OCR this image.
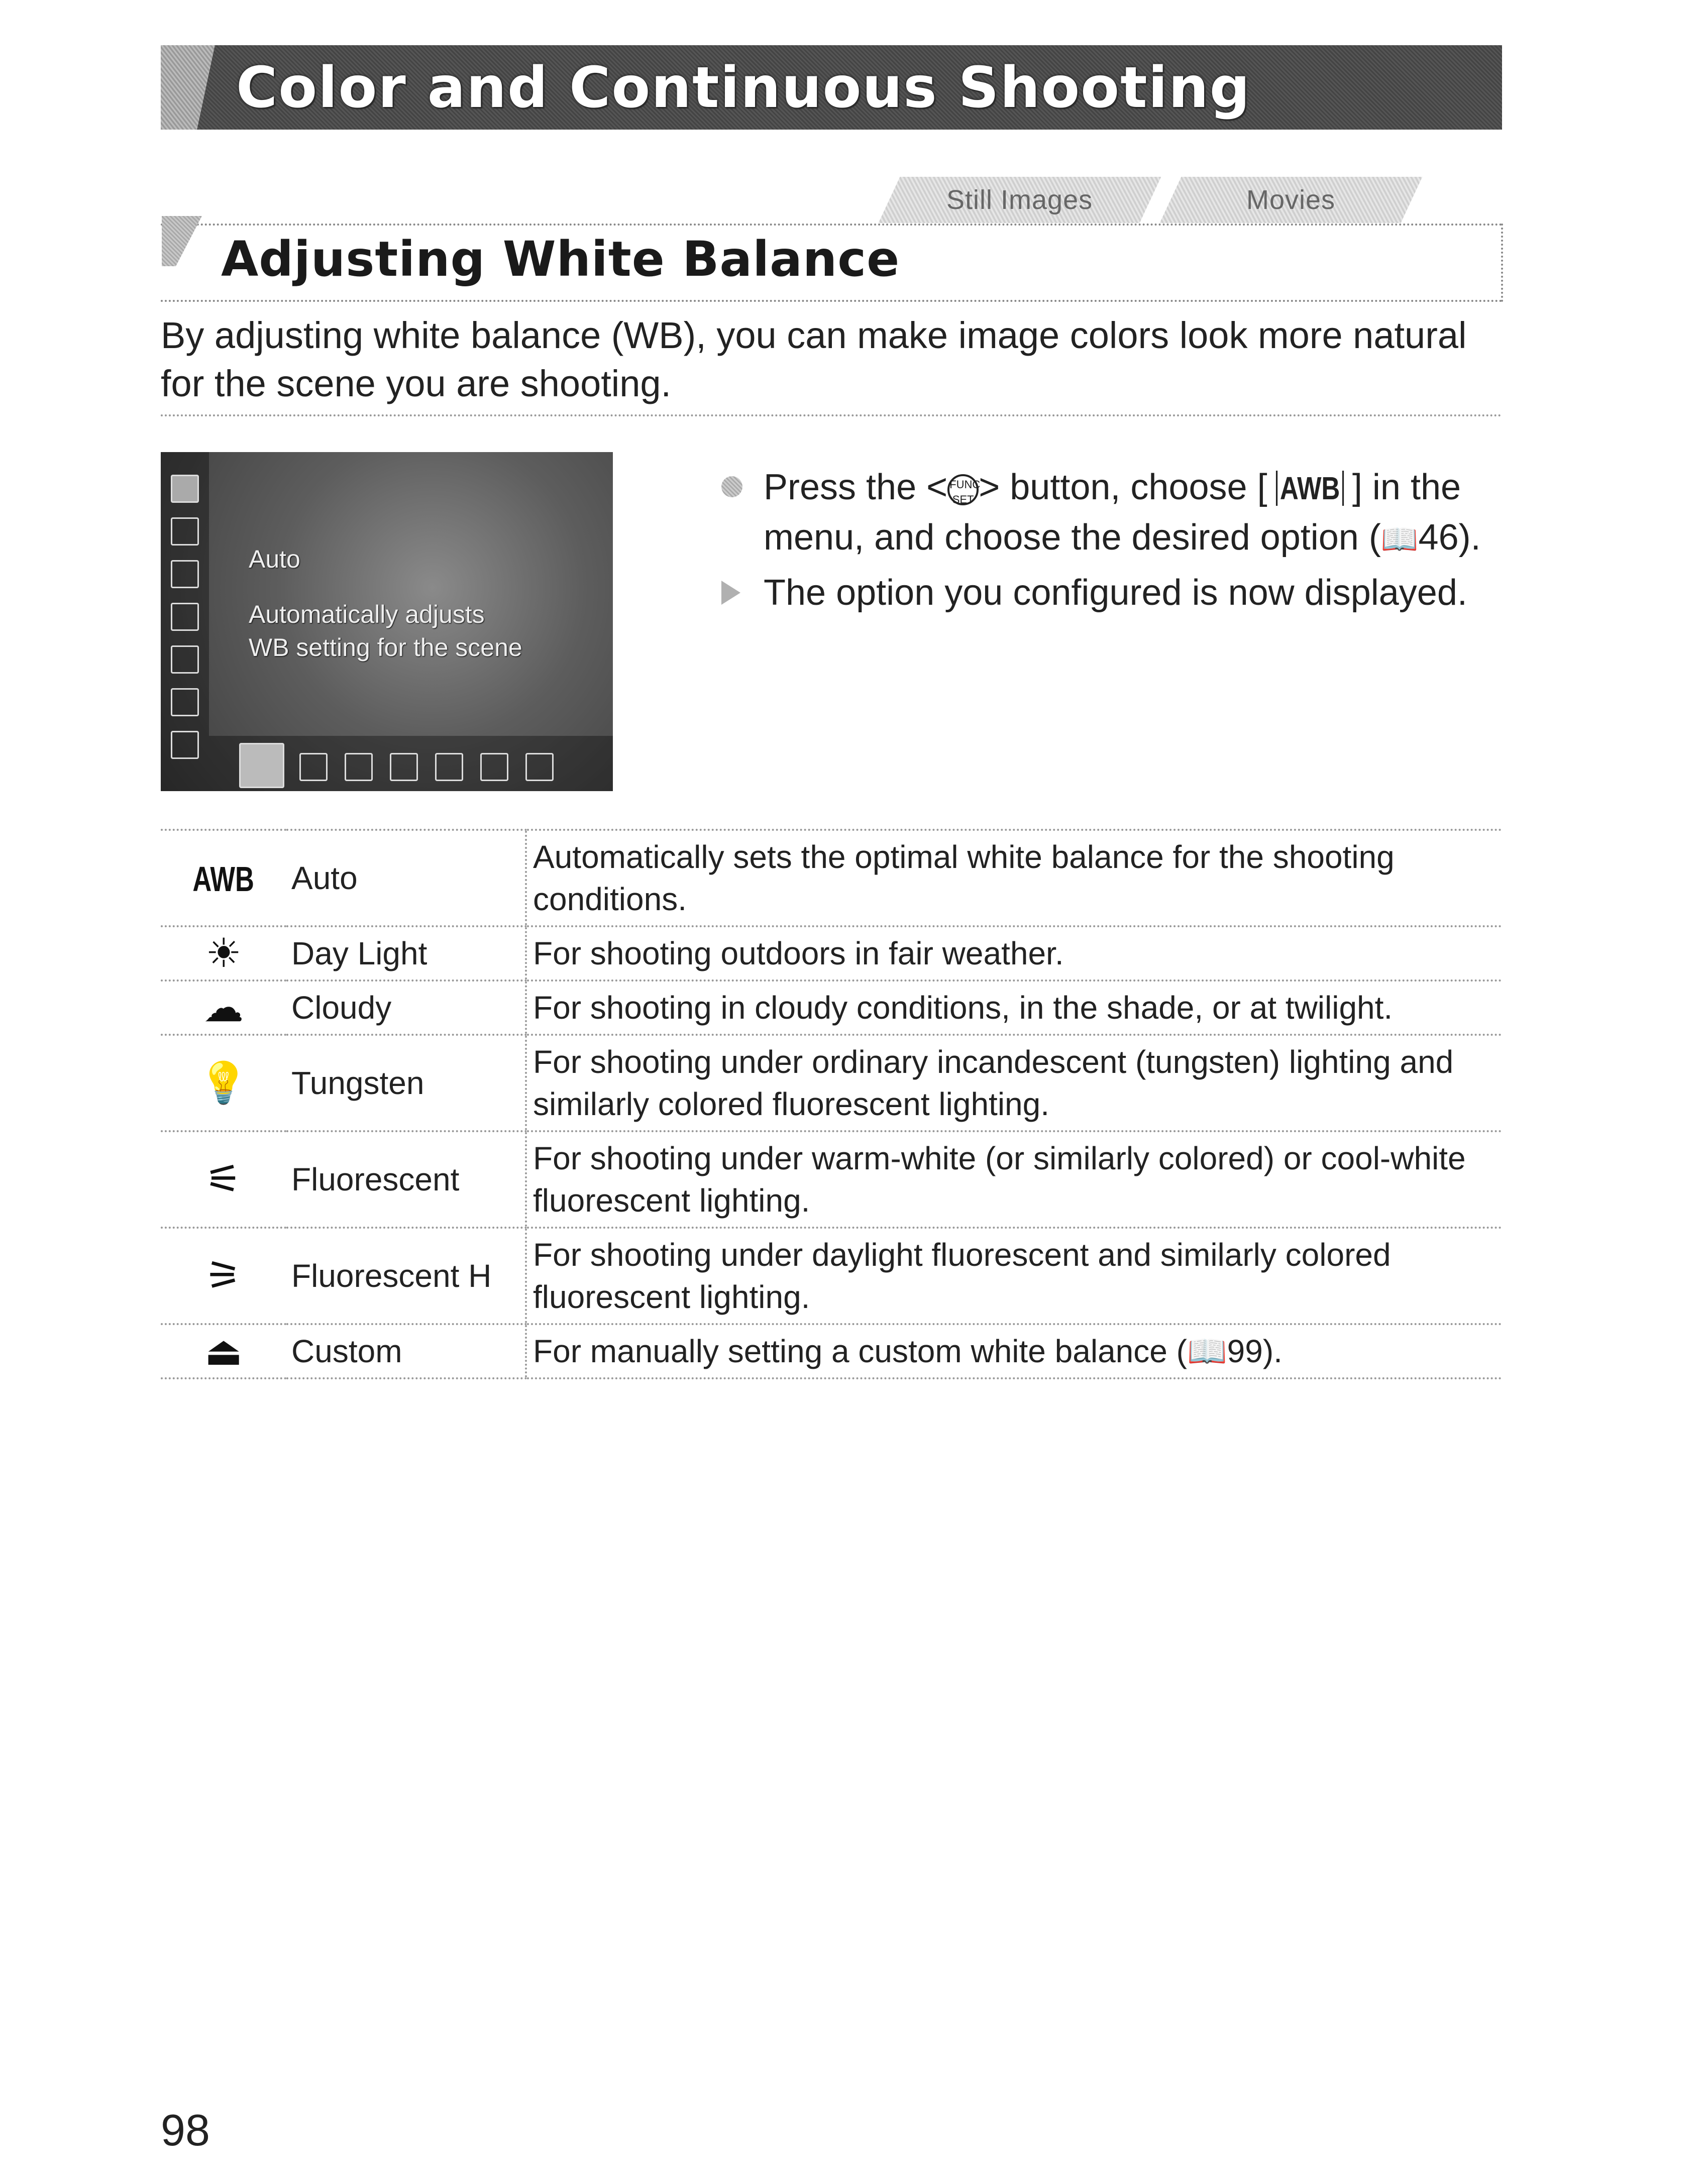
Color and Continuous Shooting
Still Images	Movies
Adjusting White Balance
By adjusting white balance (WB), you can make image colors look more natural for the scene you are shooting.
Auto
Automatically adjusts
WB setting for the scene
Press the < FUNC SET > button, choose [ AWB ] in the menu, and choose the desired option (📖46).
The option you configured is now displayed.
AWB	Auto	Automatically sets the optimal white balance for the shooting conditions.
☀	Day Light	For shooting outdoors in fair weather.
☁	Cloudy	For shooting in cloudy conditions, in the shade, or at twilight.
💡	Tungsten	For shooting under ordinary incandescent (tungsten) lighting and similarly colored fluorescent lighting.
⚟	Fluorescent	For shooting under warm-white (or similarly colored) or cool-white fluorescent lighting.
⚞	Fluorescent H	For shooting under daylight fluorescent and similarly colored fluorescent lighting.
⏏	Custom	For manually setting a custom white balance (📖99).
98
